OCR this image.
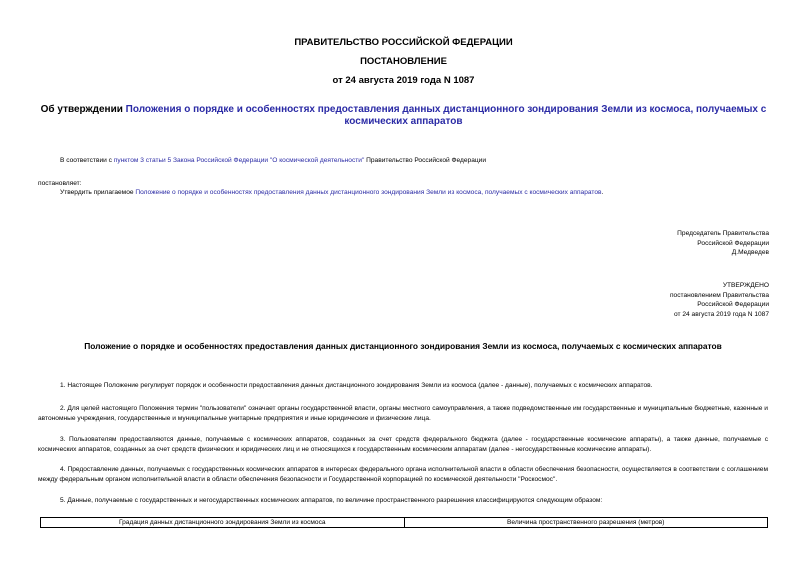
ПРАВИТЕЛЬСТВО РОССИЙСКОЙ ФЕДЕРАЦИИ
ПОСТАНОВЛЕНИЕ
от 24 августа 2019 года N 1087
Об утверждении Положения о порядке и особенностях предоставления данных дистанционного зондирования Земли из космоса, получаемых с космических аппаратов
В соответствии с пунктом 3 статьи 5 Закона Российской Федерации "О космической деятельности" Правительство Российской Федерации
постановляет:
Утвердить прилагаемое Положение о порядке и особенностях предоставления данных дистанционного зондирования Земли из космоса, получаемых с космических аппаратов.
Председатель Правительства
Российской Федерации
Д.Медведев
УТВЕРЖДЕНО
постановлением Правительства
Российской Федерации
от 24 августа 2019 года N 1087
Положение о порядке и особенностях предоставления данных дистанционного зондирования Земли из космоса, получаемых с космических аппаратов
1. Настоящее Положение регулирует порядок и особенности предоставления данных дистанционного зондирования Земли из космоса (далее - данные), получаемых с космических аппаратов.
2. Для целей настоящего Положения термин "пользователи" означает органы государственной власти, органы местного самоуправления, а также подведомственные им государственные и муниципальные бюджетные, казенные и автономные учреждения, государственные и муниципальные унитарные предприятия и иные юридические и физические лица.
3. Пользователям предоставляются данные, получаемые с космических аппаратов, созданных за счет средств федерального бюджета (далее - государственные космические аппараты), а также данные, получаемые с космических аппаратов, созданных за счет средств физических и юридических лиц и не относящихся к государственным космическим аппаратам (далее - негосударственные космические аппараты).
4. Предоставление данных, получаемых с государственных космических аппаратов в интересах федерального органа исполнительной власти в области обеспечения безопасности, осуществляется в соответствии с соглашением между федеральным органом исполнительной власти в области обеспечения безопасности и Государственной корпорацией по космической деятельности "Роскосмос".
5. Данные, получаемые с государственных и негосударственных космических аппаратов, по величине пространственного разрешения классифицируются следующим образом:
Градация данных дистанционного зондирования Земли из космоса	Величина пространственного разрешения (метров)
